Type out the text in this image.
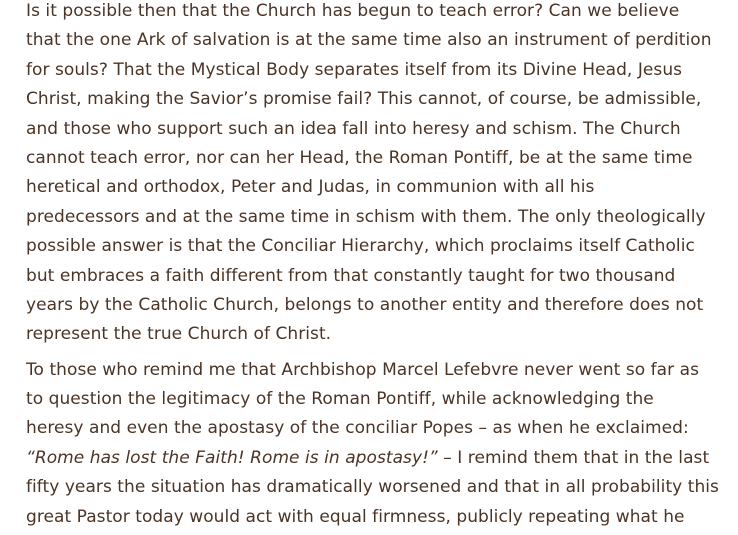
Is it possible then that the Church has begun to teach error? Can we believe
that the one Ark of salvation is at the same time also an instrument of perdition
for souls? That the Mystical Body separates itself from its Divine Head, Jesus
Christ, making the Savior’s promise fail? This cannot, of course, be admissible,
and those who support such an idea fall into heresy and schism. The Church
cannot teach error, nor can her Head, the Roman Pontiff, be at the same time
heretical and orthodox, Peter and Judas, in communion with all his
predecessors and at the same time in schism with them. The only theologically
possible answer is that the Conciliar Hierarchy, which proclaims itself Catholic
but embraces a faith different from that constantly taught for two thousand
years by the Catholic Church, belongs to another entity and therefore does not
represent the true Church of Christ.

To those who remind me that Archbishop Marcel Lefebvre never went so far as
to question the legitimacy of the Roman Pontiff, while acknowledging the
heresy and even the apostasy of the conciliar Popes – as when he exclaimed:
“Rome has lost the Faith! Rome is in apostasy!” – I remind them that in the last
fifty years the situation has dramatically worsened and that in all probability this
great Pastor today would act with equal firmness, publicly repeating what he
